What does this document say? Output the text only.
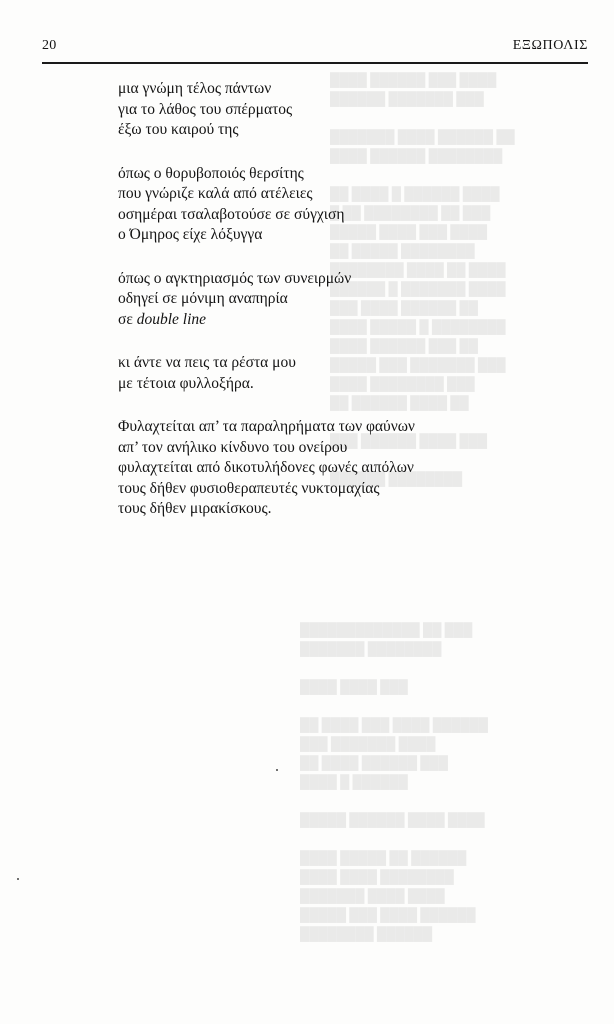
████ ██████ ███ ████
██████ ███████ ███

███████ ████ ██████ ██
████ ██████ ████████

██ ████ █ ██████ ████
█ ██ ████████ ██ ███
█████ ████ ███ ████
██ █████ ████████
████████ ████ ██ ████
██████ █ ███████ ████
███ ████ ██████ ██
████ █████ █ ████████
████ ██████ ███ ██
█████ ███ ███████ ███
████ ████████ ███
██ ██████ ████ ██

███ ██████ ████ ███

██████ ████████
█████████████ ██ ███
███████ ████████

████ ████ ███

██ ████ ███ ████ ██████
███ ███████ ████
██ ████ ██████ ███
████ █ ██████

█████ ██████ ████ ████

████ █████ ██ ██████
████ ████ ████████
███████ ████ ████
█████ ███ ████ ██████
████████ ██████
20	ΕΞΩΠΟΛΙΣ
μια γνώμη τέλος πάντων
για το λάθος του σπέρματος
έξω του καιρού της
όπως ο θορυβοποιός θερσίτης
που γνώριζε καλά από ατέλειες
οσημέραι τσαλαβοτούσε σε σύγχιση
ο Όμηρος είχε λόξυγγα
όπως ο αγκτηριασμός των συνειρμών
οδηγεί σε μόνιμη αναπηρία
σε double line
κι άντε να πεις τα ρέστα μου
με τέτοια φυλλοξήρα.
Φυλαχτείται απ’ τα παραληρήματα των φαύνων
απ’ τον ανήλικο κίνδυνο του ονείρου
φυλαχτείται από δικοτυλήδονες φωνές αιπόλων
τους δήθεν φυσιοθεραπευτές νυκτομαχίας
τους δήθεν μιρακίσκους.
